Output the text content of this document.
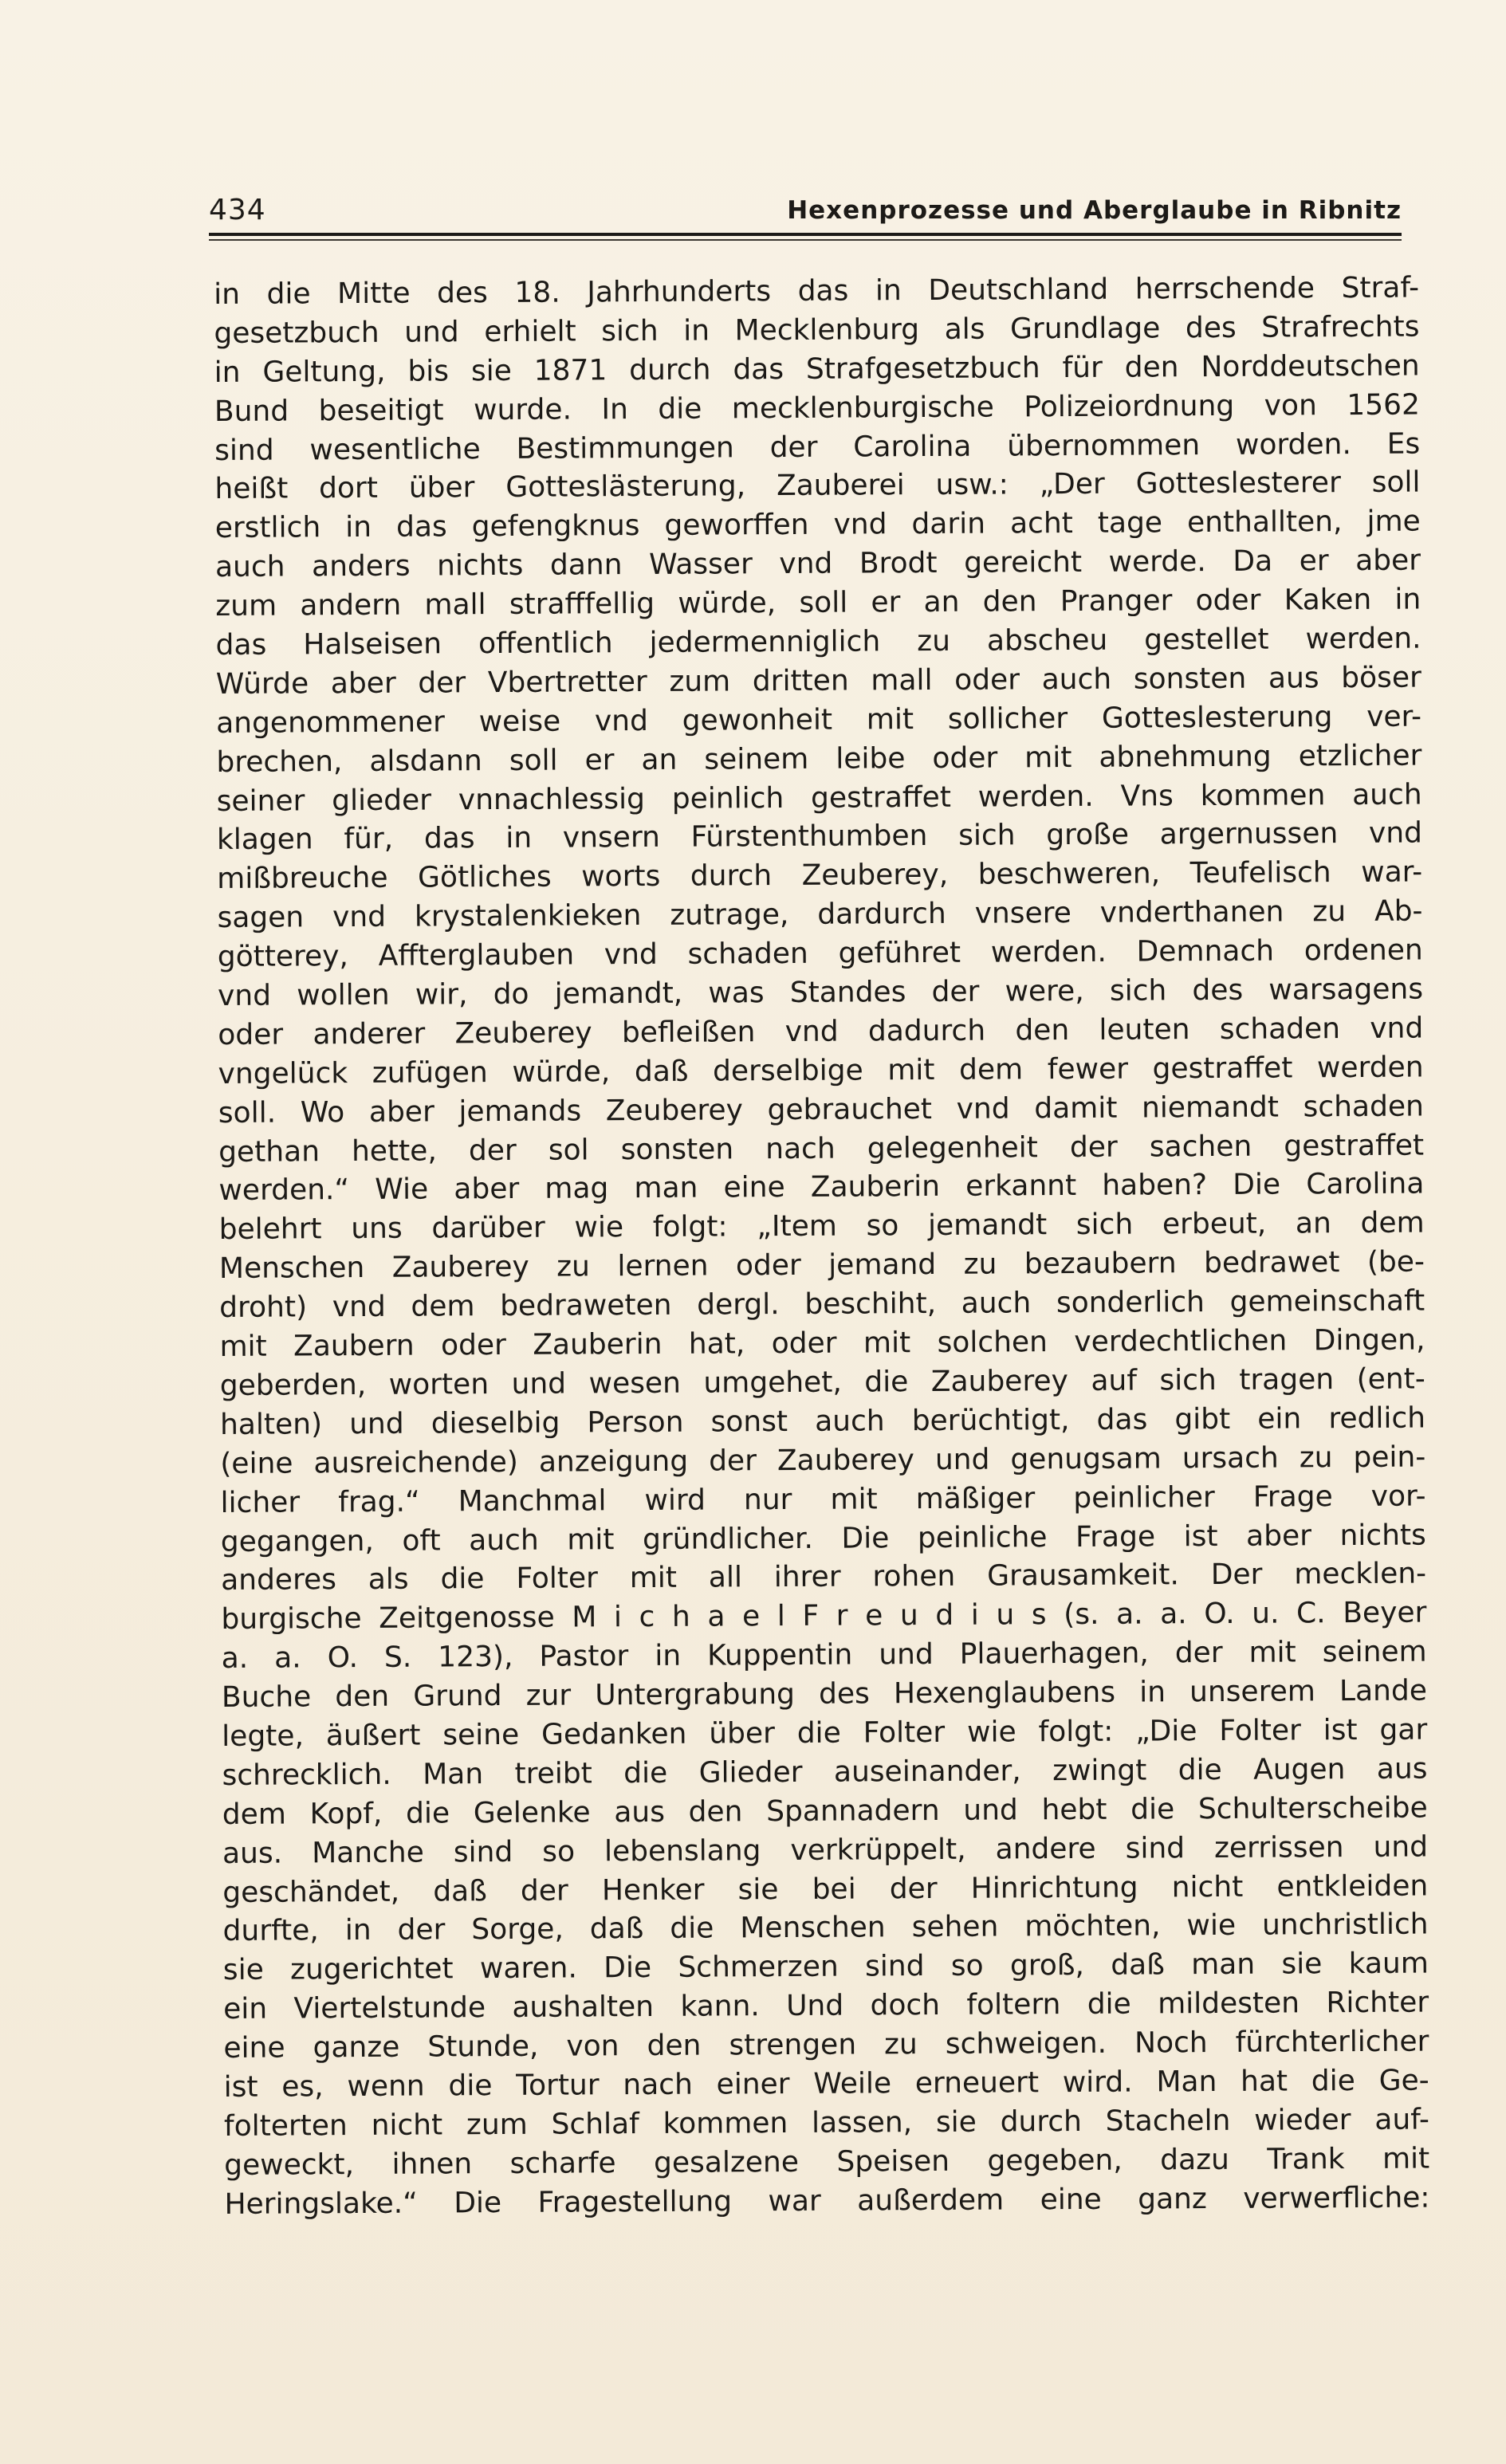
434	Hexenprozesse und Aberglaube in Ribnitz
in die Mitte des 18. Jahrhunderts das in Deutschland herrschende Straf-
gesetzbuch und erhielt sich in Mecklenburg als Grundlage des Strafrechts
in Geltung, bis sie 1871 durch das Strafgesetzbuch für den Norddeutschen
Bund beseitigt wurde. In die mecklenburgische Polizeiordnung von 1562
sind wesentliche Bestimmungen der Carolina übernommen worden. Es
heißt dort über Gotteslästerung, Zauberei usw.: „Der Gotteslesterer soll
erstlich in das gefengknus geworffen vnd darin acht tage enthallten, jme
auch anders nichts dann Wasser vnd Brodt gereicht werde. Da er aber
zum andern mall strafffellig würde, soll er an den Pranger oder Kaken in
das Halseisen offentlich jedermenniglich zu abscheu gestellet werden.
Würde aber der Vbertretter zum dritten mall oder auch sonsten aus böser
angenommener weise vnd gewonheit mit sollicher Gotteslesterung ver-
brechen, alsdann soll er an seinem leibe oder mit abnehmung etzlicher
seiner glieder vnnachlessig peinlich gestraffet werden. Vns kommen auch
klagen für, das in vnsern Fürstenthumben sich große argernussen vnd
mißbreuche Götliches worts durch Zeuberey, beschweren, Teufelisch war-
sagen vnd krystalenkieken zutrage, dardurch vnsere vnderthanen zu Ab-
götterey, Affterglauben vnd schaden geführet werden. Demnach ordenen
vnd wollen wir, do jemandt, was Standes der were, sich des warsagens
oder anderer Zeuberey befleißen vnd dadurch den leuten schaden vnd
vngelück zufügen würde, daß derselbige mit dem fewer gestraffet werden
soll. Wo aber jemands Zeuberey gebrauchet vnd damit niemandt schaden
gethan hette, der sol sonsten nach gelegenheit der sachen gestraffet
werden.“ Wie aber mag man eine Zauberin erkannt haben? Die Carolina
belehrt uns darüber wie folgt: „Item so jemandt sich erbeut, an dem
Menschen Zauberey zu lernen oder jemand zu bezaubern bedrawet (be-
droht) vnd dem bedraweten dergl. beschiht, auch sonderlich gemeinschaft
mit Zaubern oder Zauberin hat, oder mit solchen verdechtlichen Dingen,
geberden, worten und wesen umgehet, die Zauberey auf sich tragen (ent-
halten) und dieselbig Person sonst auch berüchtigt, das gibt ein redlich
(eine ausreichende) anzeigung der Zauberey und genugsam ursach zu pein-
licher frag.“ Manchmal wird nur mit mäßiger peinlicher Frage vor-
gegangen, oft auch mit gründlicher. Die peinliche Frage ist aber nichts
anderes als die Folter mit all ihrer rohen Grausamkeit. Der mecklen-
burgische Zeitgenosse M i c h a e l F r e u d i u s (s. a. a. O. u. C. Beyer
a. a. O. S. 123), Pastor in Kuppentin und Plauerhagen, der mit seinem
Buche den Grund zur Untergrabung des Hexenglaubens in unserem Lande
legte, äußert seine Gedanken über die Folter wie folgt: „Die Folter ist gar
schrecklich. Man treibt die Glieder auseinander, zwingt die Augen aus
dem Kopf, die Gelenke aus den Spannadern und hebt die Schulterscheibe
aus. Manche sind so lebenslang verkrüppelt, andere sind zerrissen und
geschändet, daß der Henker sie bei der Hinrichtung nicht entkleiden
durfte, in der Sorge, daß die Menschen sehen möchten, wie unchristlich
sie zugerichtet waren. Die Schmerzen sind so groß, daß man sie kaum
ein Viertelstunde aushalten kann. Und doch foltern die mildesten Richter
eine ganze Stunde, von den strengen zu schweigen. Noch fürchterlicher
ist es, wenn die Tortur nach einer Weile erneuert wird. Man hat die Ge-
folterten nicht zum Schlaf kommen lassen, sie durch Stacheln wieder auf-
geweckt, ihnen scharfe gesalzene Speisen gegeben, dazu Trank mit
Heringslake.“ Die Fragestellung war außerdem eine ganz verwerfliche:
